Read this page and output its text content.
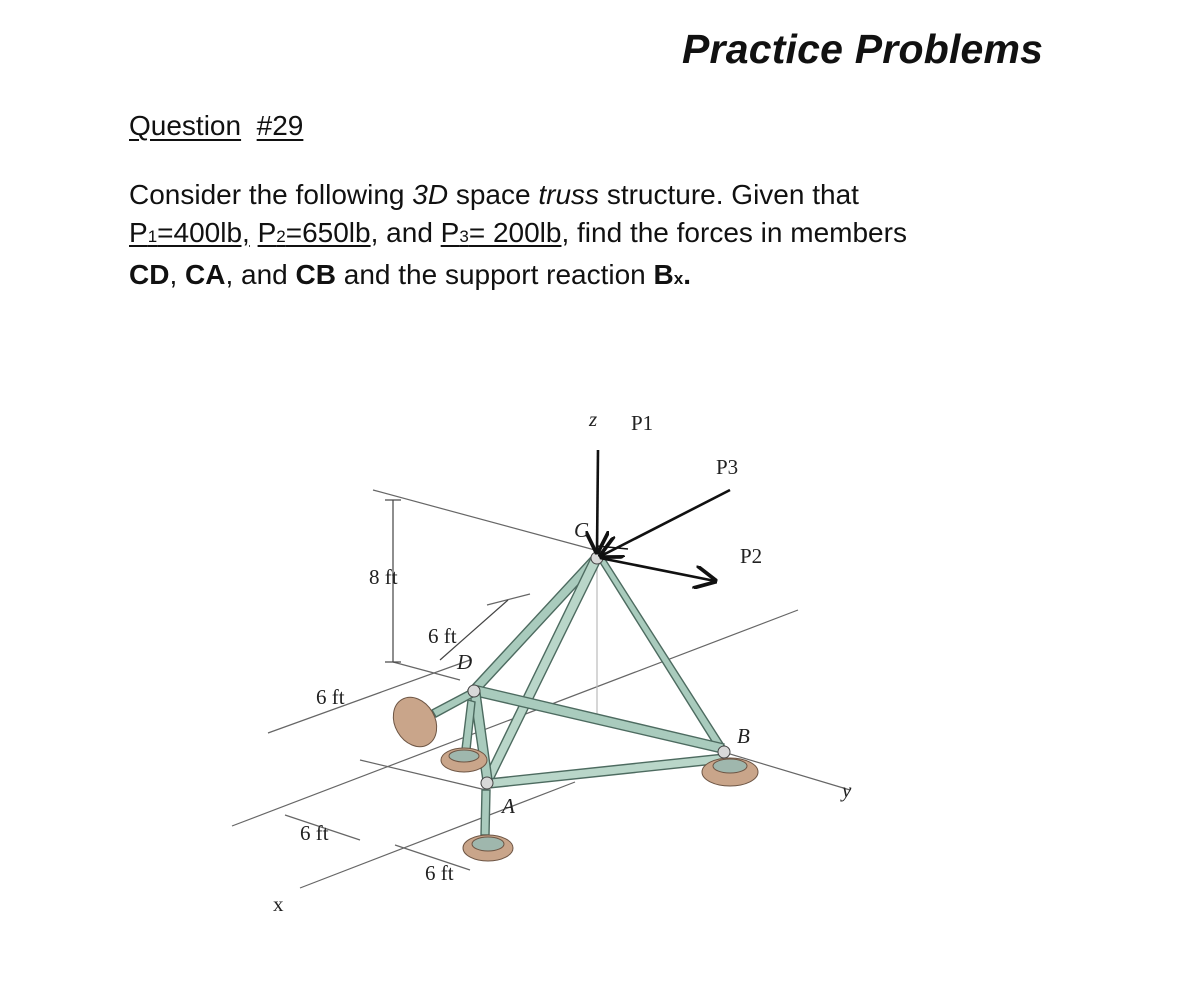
Practice Problems
Question #29
Consider the following 3D space truss structure. Given that
P1=400lb, P2=650lb, and P3= 200lb, find the forces in members
CD, CA, and CB and the support reaction Bx.
z P1
P3
P2
C
D
A
B
y
x
8 ft
6 ft
6 ft
6 ft
6 ft
